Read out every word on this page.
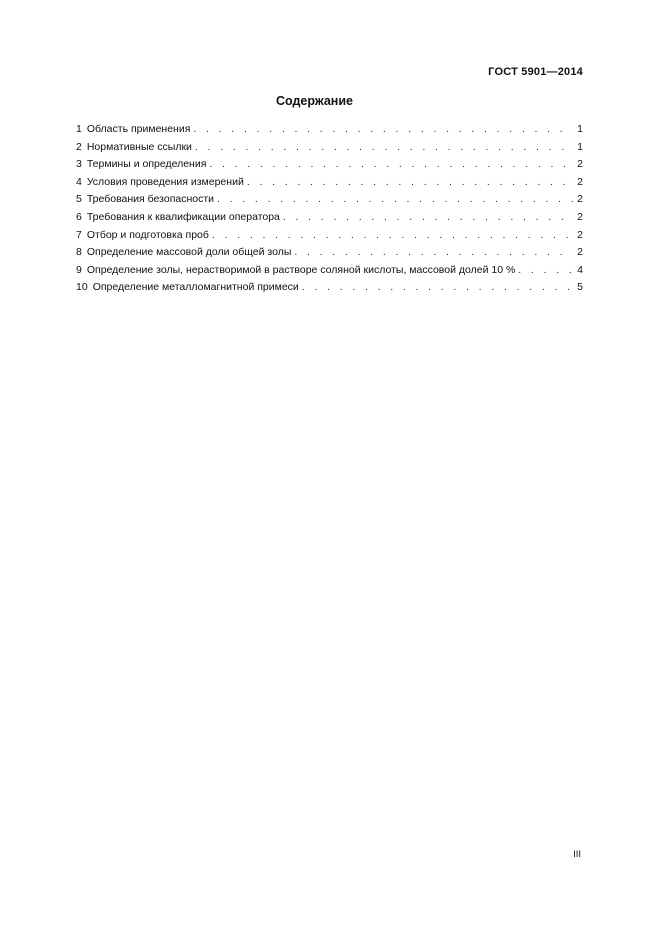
ГОСТ 5901—2014
Содержание
1 Область применения . . .	1
2 Нормативные ссылки . . .	1
3 Термины и определения . . .	2
4 Условия проведения измерений . . .	2
5 Требования безопасности . . .	2
6 Требования к квалификации оператора . . .	2
7 Отбор и подготовка проб . . .	2
8 Определение массовой доли общей золы . . .	2
9 Определение золы, нерастворимой в растворе соляной кислоты, массовой долей 10 % . . .	4
10 Определение металломагнитной примеси . . .	5
III
